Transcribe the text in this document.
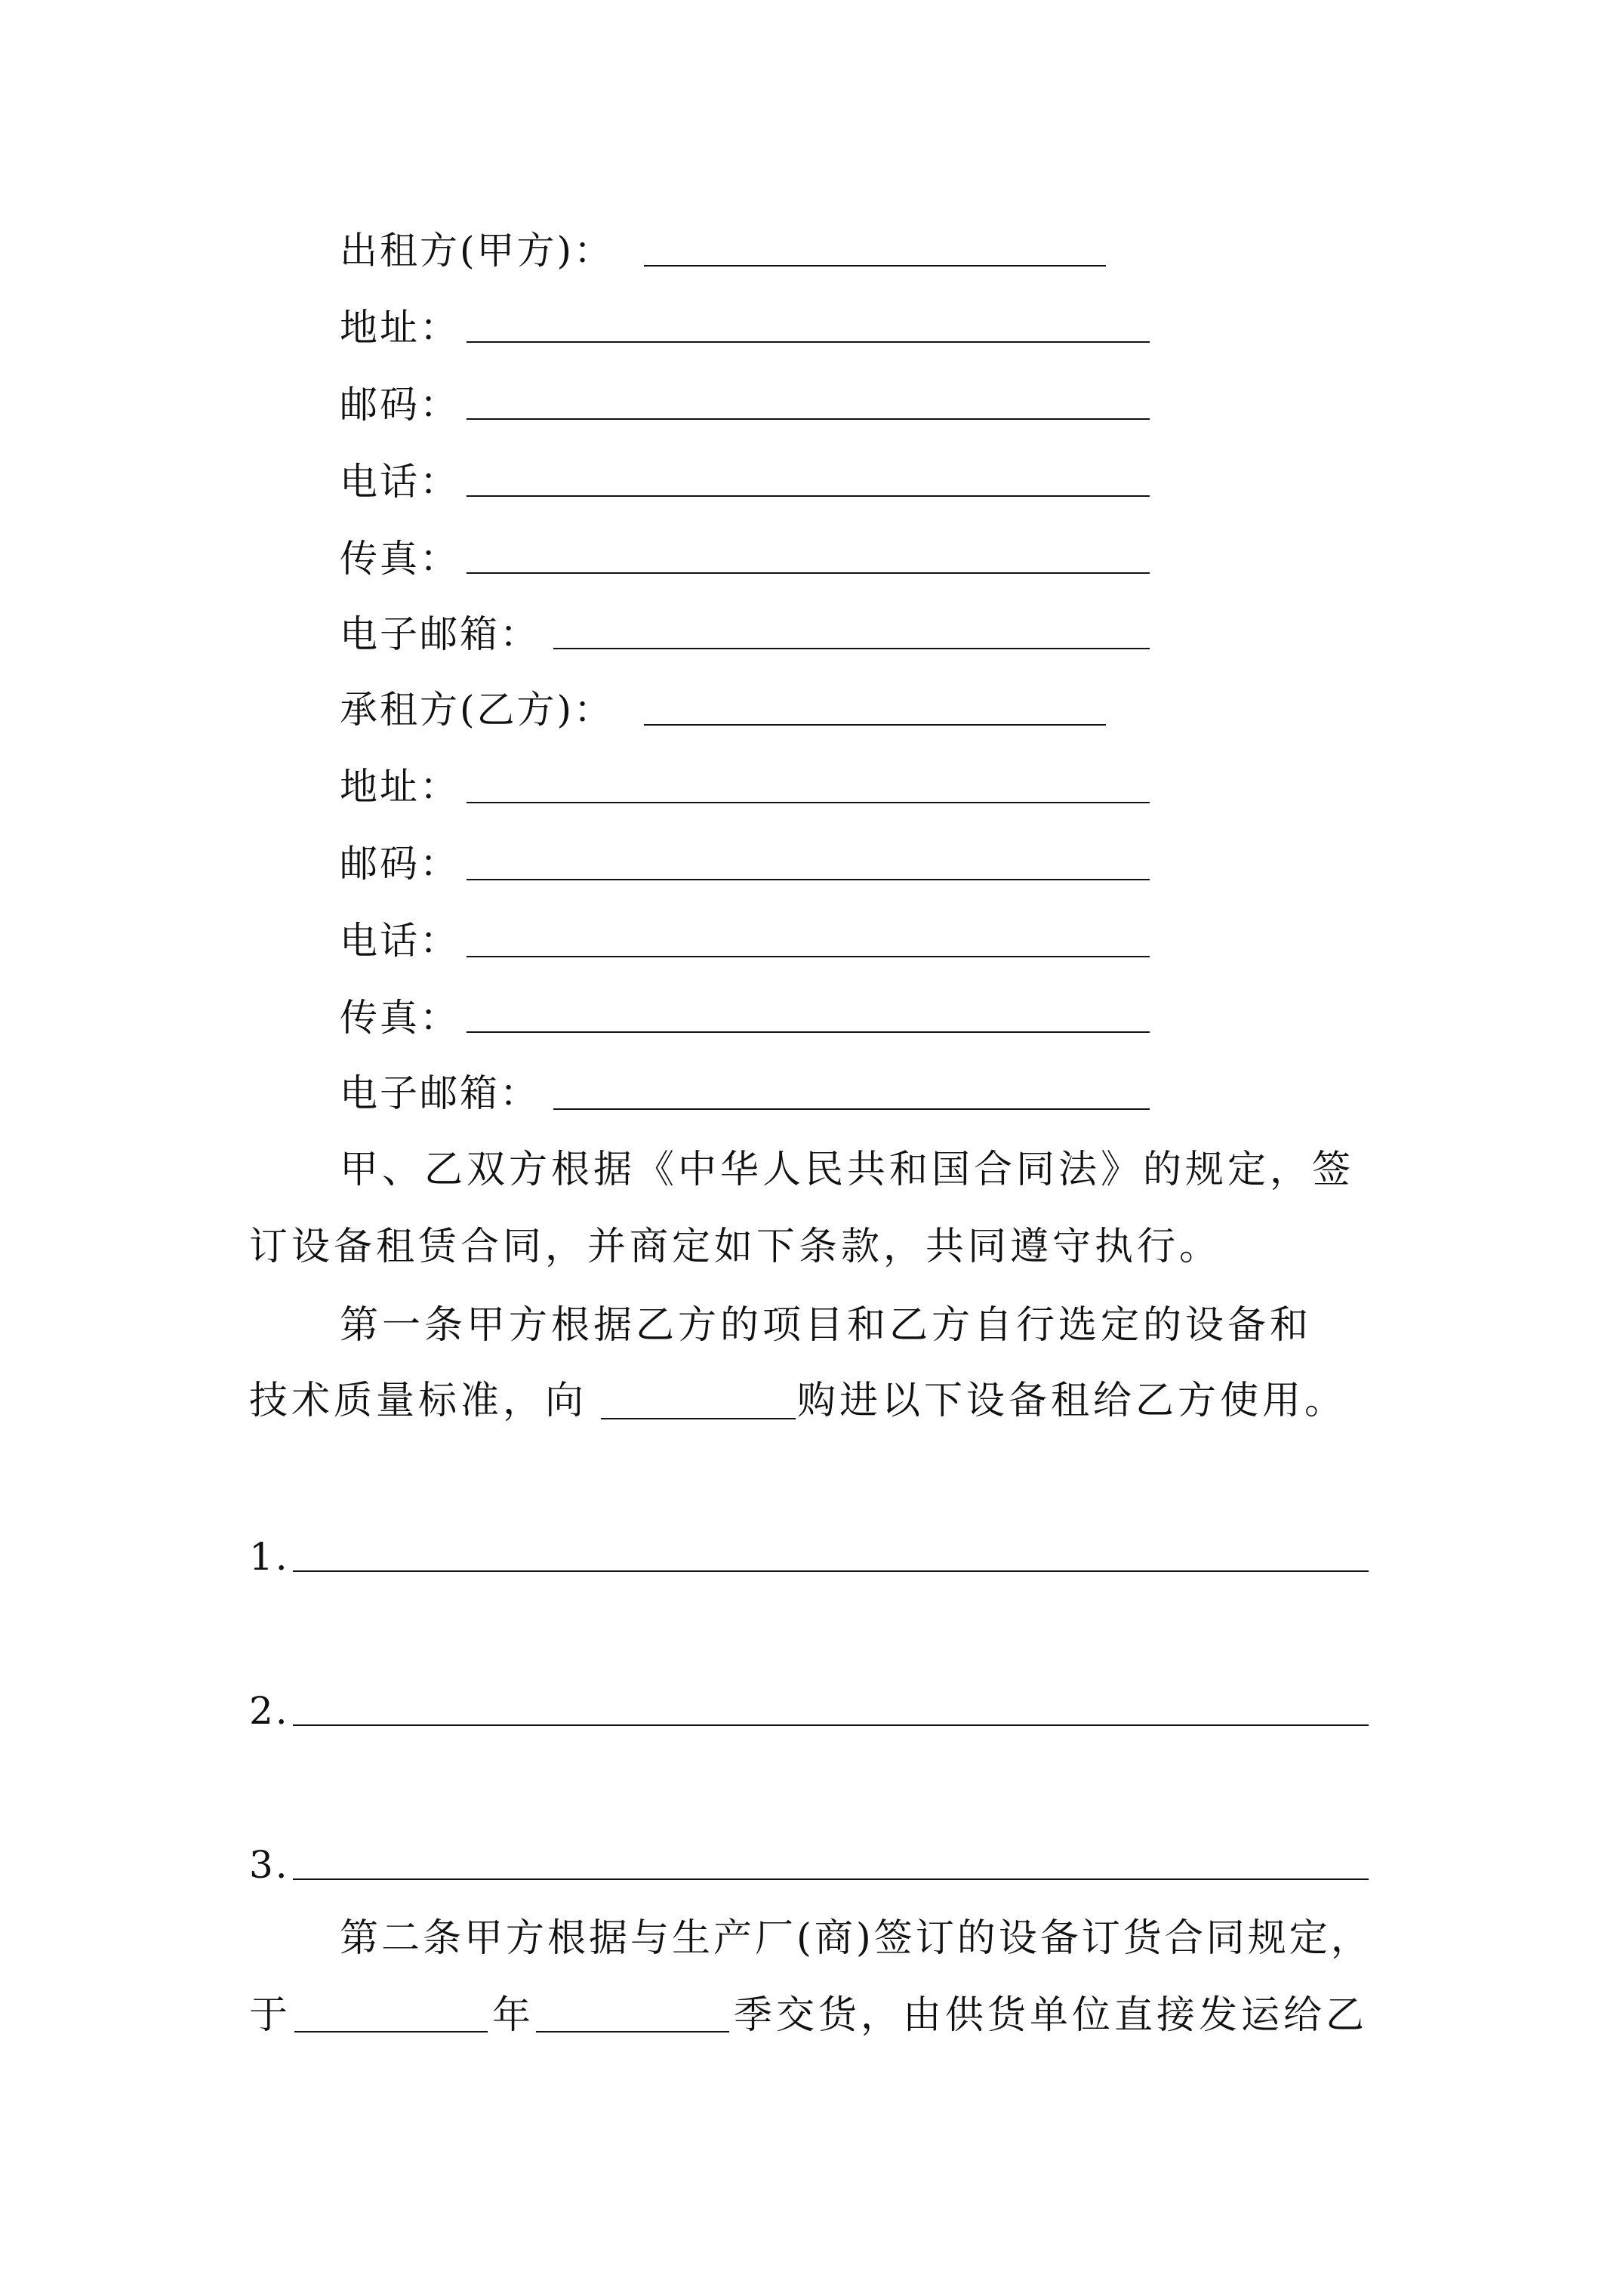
出租方(甲方)：
地址：
邮码：
电话：
传真：
电子邮箱：
承租方(乙方)：
地址：
邮码：
电话：
传真：
电子邮箱：
甲、乙双方根据《中华人民共和国合同法》的规定，签
订设备租赁合同，并商定如下条款，共同遵守执行。
第一条甲方根据乙方的项目和乙方自行选定的设备和
技术质量标准，向	购进以下设备租给乙方使用。
1.
2.
3.
第二条甲方根据与生产厂(商)签订的设备订货合同规定，
于	年	季交货，由供货单位直接发运给乙
